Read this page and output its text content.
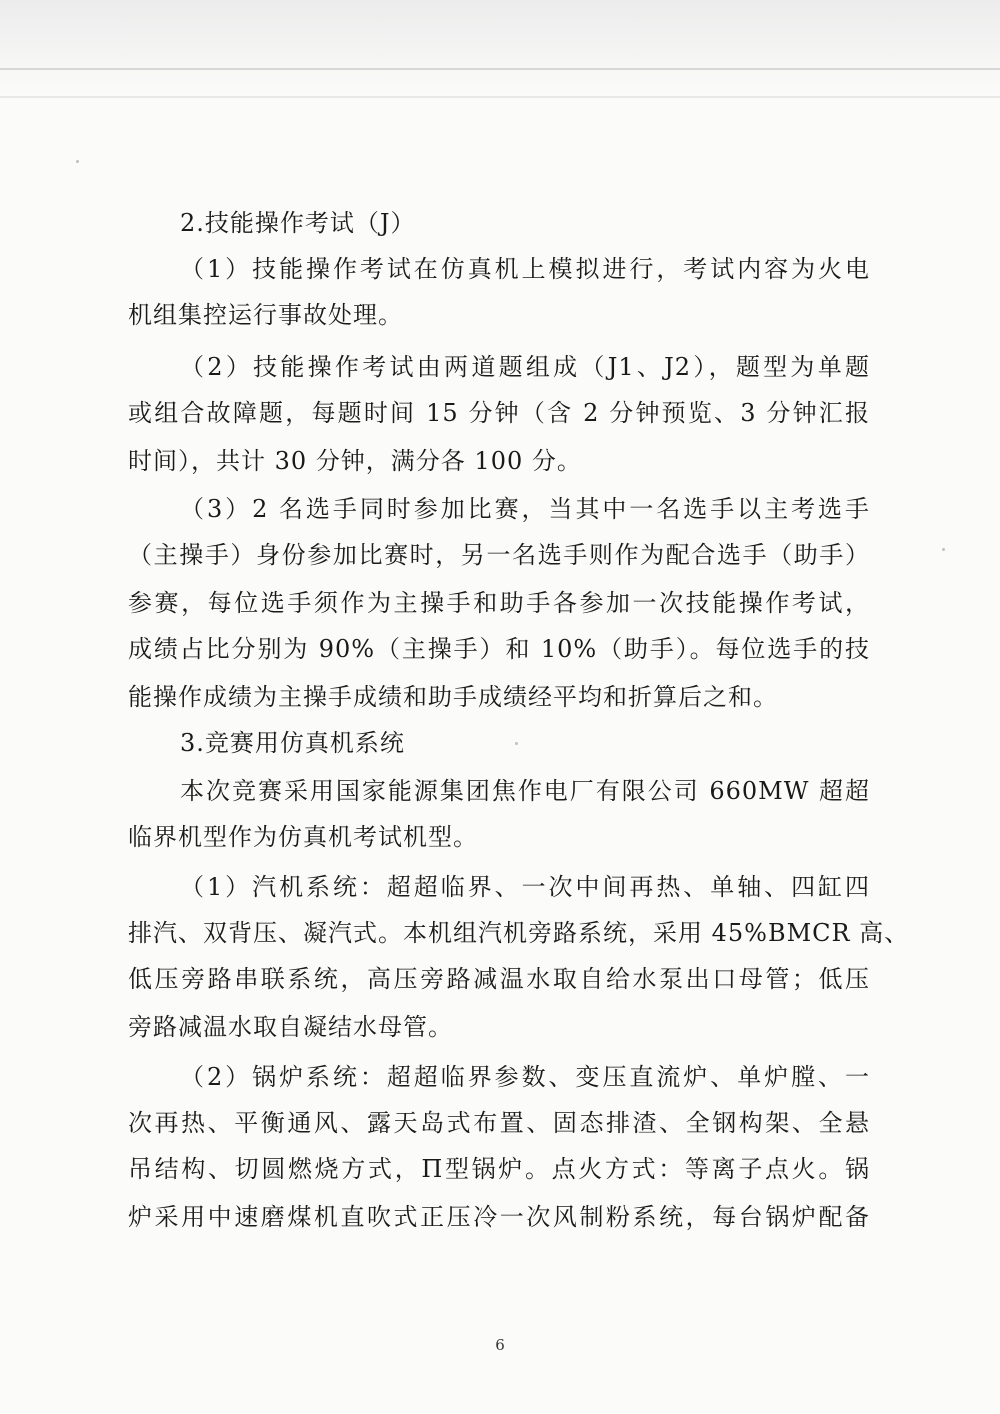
2.技能操作考试（J）
（1）技能操作考试在仿真机上模拟进行，考试内容为火电
机组集控运行事故处理。
（2）技能操作考试由两道题组成（J1、J2），题型为单题
或组合故障题，每题时间 15 分钟（含 2 分钟预览、3 分钟汇报
时间），共计 30 分钟，满分各 100 分。
（3）2 名选手同时参加比赛，当其中一名选手以主考选手
（主操手）身份参加比赛时，另一名选手则作为配合选手（助手）
参赛，每位选手须作为主操手和助手各参加一次技能操作考试，
成绩占比分别为 90%（主操手）和 10%（助手）。每位选手的技
能操作成绩为主操手成绩和助手成绩经平均和折算后之和。
3.竞赛用仿真机系统
本次竞赛采用国家能源集团焦作电厂有限公司 660MW 超超
临界机型作为仿真机考试机型。
（1）汽机系统：超超临界、一次中间再热、单轴、四缸四
排汽、双背压、凝汽式。本机组汽机旁路系统，采用 45%BMCR 高、
低压旁路串联系统，高压旁路减温水取自给水泵出口母管；低压
旁路减温水取自凝结水母管。
（2）锅炉系统：超超临界参数、变压直流炉、单炉膛、一
次再热、平衡通风、露天岛式布置、固态排渣、全钢构架、全悬
吊结构、切圆燃烧方式，Π型锅炉。点火方式：等离子点火。锅
炉采用中速磨煤机直吹式正压冷一次风制粉系统，每台锅炉配备
6
